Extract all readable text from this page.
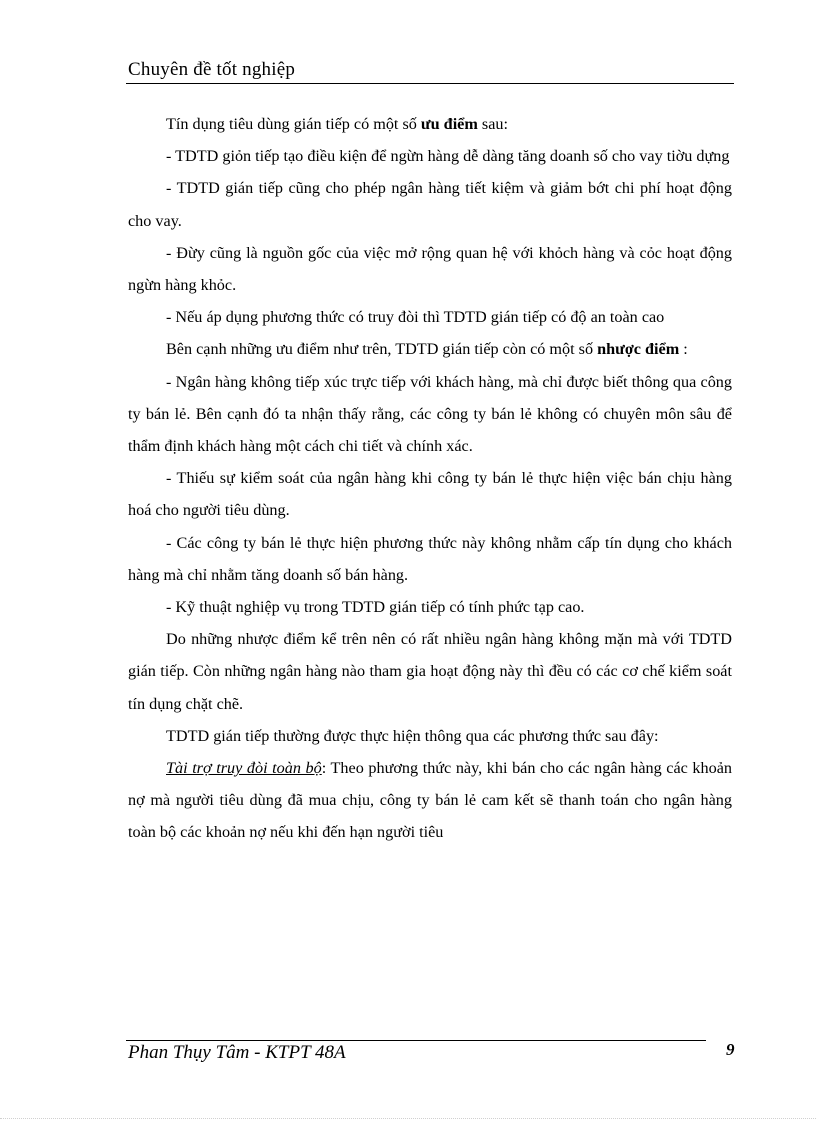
Chuyên đề tốt nghiệp

Tín dụng tiêu dùng gián tiếp có một số ưu điểm sau:

- TDTD giỏn tiếp tạo điều kiện để ngừn hàng dễ dàng tăng doanh số cho vay tiờu dựng

- TDTD gián tiếp cũng cho phép ngân hàng tiết kiệm và giảm bớt chi phí hoạt động cho vay.

- Đừy cũng là nguồn gốc của việc mở rộng quan hệ với khỏch hàng và cỏc hoạt động ngừn hàng khỏc.

- Nếu áp dụng phương thức có truy đòi thì TDTD gián tiếp có độ an toàn cao

Bên cạnh những ưu điểm như trên, TDTD gián tiếp còn có một số nhược điểm :

- Ngân hàng không tiếp xúc trực tiếp với khách hàng, mà chỉ được biết thông qua công ty bán lẻ. Bên cạnh đó ta nhận thấy rằng, các công ty bán lẻ không có chuyên môn sâu để thẩm định khách hàng một cách chi tiết và chính xác.

- Thiếu sự kiểm soát của ngân hàng khi công ty bán lẻ thực hiện việc bán chịu hàng hoá cho người tiêu dùng.

- Các công ty bán lẻ thực hiện phương thức này không nhằm cấp tín dụng cho khách hàng mà chỉ nhằm tăng doanh số bán hàng.

- Kỹ thuật nghiệp vụ trong TDTD gián tiếp có tính phức tạp cao.

Do những nhược điểm kể trên nên có rất nhiều ngân hàng không mặn mà với TDTD gián tiếp. Còn những ngân hàng nào tham gia hoạt động này thì đều có các cơ chế kiểm soát tín dụng chặt chẽ.

TDTD gián tiếp thường được thực hiện thông qua các phương thức sau đây:

Tài trợ truy đòi toàn bộ: Theo phương thức này, khi bán cho các ngân hàng các khoản nợ mà người tiêu dùng đã mua chịu, công ty bán lẻ cam kết sẽ thanh toán cho ngân hàng toàn bộ các khoản nợ nếu khi đến hạn người tiêu

Phan Thụy Tâm - KTPT 48A	9
